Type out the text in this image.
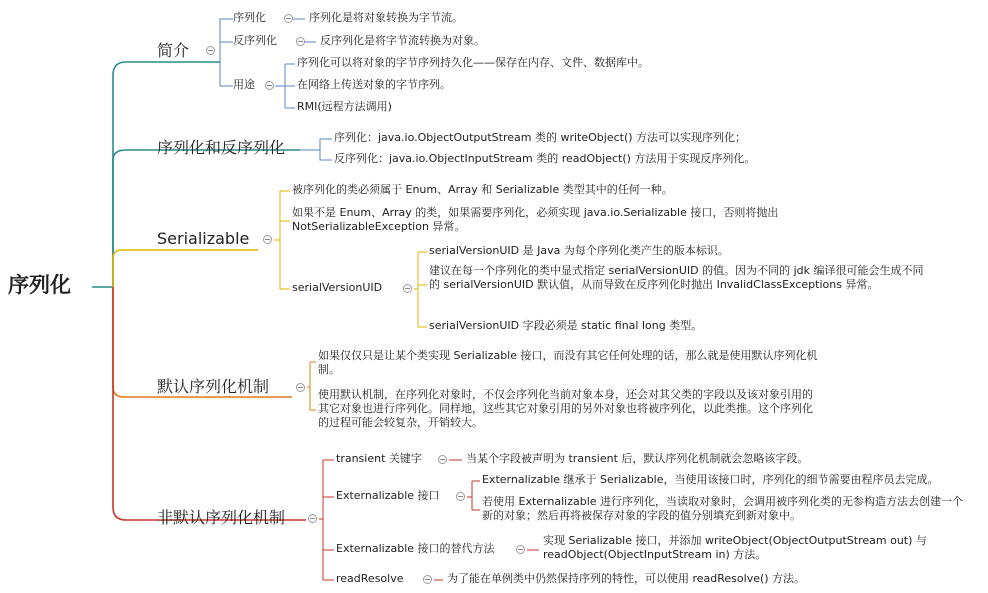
序列化
简介
序列化	序列化是将对象转换为字节流。
反序列化	反序列化是将字节流转换为对象。
用途
序列化可以将对象的字节序列持久化——保存在内存、文件、数据库中。
在网络上传送对象的字节序列。
RMI(远程方法调用)
序列化和反序列化
序列化：java.io.ObjectOutputStream 类的 writeObject() 方法可以实现序列化；
反序列化：java.io.ObjectInputStream 类的 readObject() 方法用于实现反序列化。
Serializable
被序列化的类必须属于 Enum、Array 和 Serializable 类型其中的任何一种。
如果不是 Enum、Array 的类，如果需要序列化，必须实现 java.io.Serializable 接口，否则将抛出 NotSerializableException 异常。
serialVersionUID
serialVersionUID 是 Java 为每个序列化类产生的版本标识。
建议在每一个序列化的类中显式指定 serialVersionUID 的值。因为不同的 jdk 编译很可能会生成不同的 serialVersionUID 默认值，从而导致在反序列化时抛出 InvalidClassExceptions 异常。
serialVersionUID 字段必须是 static final long 类型。
默认序列化机制
如果仅仅只是让某个类实现 Serializable 接口，而没有其它任何处理的话，那么就是使用默认序列化机制。
使用默认机制，在序列化对象时，不仅会序列化当前对象本身，还会对其父类的字段以及该对象引用的其它对象也进行序列化。同样地，这些其它对象引用的另外对象也将被序列化，以此类推。这个序列化的过程可能会较复杂，开销较大。
非默认序列化机制
transient 关键字	当某个字段被声明为 transient 后，默认序列化机制就会忽略该字段。
Externalizable 接口
Externalizable 继承于 Serializable，当使用该接口时，序列化的细节需要由程序员去完成。
若使用 Externalizable 进行序列化，当读取对象时，会调用被序列化类的无参构造方法去创建一个新的对象；然后再将被保存对象的字段的值分别填充到新对象中。
Externalizable 接口的替代方法
实现 Serializable 接口，并添加 writeObject(ObjectOutputStream out) 与 readObject(ObjectInputStream in) 方法。
readResolve	为了能在单例类中仍然保持序列的特性，可以使用 readResolve() 方法。
